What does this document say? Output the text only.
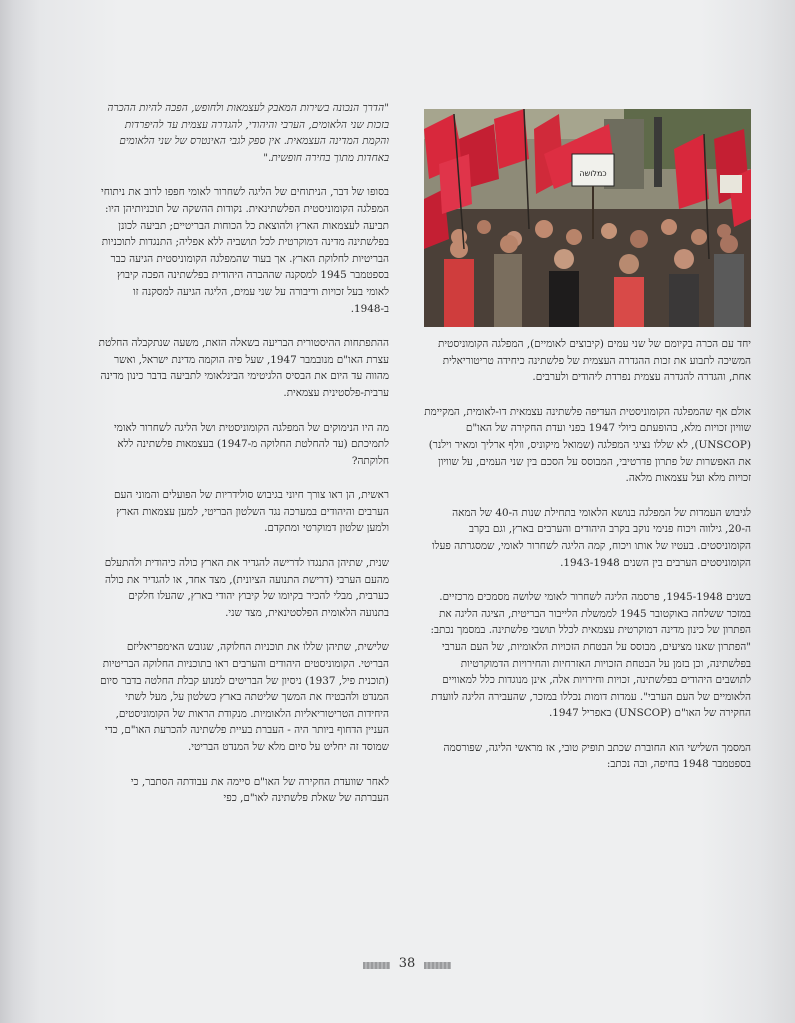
"הדרך הנכונה בשירות המאבק לעצמאות ולחופש, הפכה להיות ההכרה בזכות שני הלאומים, הערבי והיהודי, להגדרה עצמית עד להיפרדות והקמת המדינה העצמאית. אין ספק לגבי האינטרס של שני הלאומים באחדות מתוך בחירה חופשית."

בסופו של דבר, הניתוחים של הליגה לשחרור לאומי חפפו לרוב את ניתוחי המפלגה הקומוניסטית הפלשתינאית. נקודות ההשקה של תוכניותיהן היו: תביעה לעצמאות הארץ ולהוצאת כל הכוחות הבריטיים; תביעה לכונן בפלשתינה מדינה דמוקרטית לכל תושביה ללא אפליה; התנגדות לתוכניות הבריטיות לחלוקת הארץ. אך בעוד שהמפלגה הקומוניסטית הגיעה כבר בספטמבר 1945 למסקנה שההברה היהודית בפלשתינה הפכה קיבוץ לאומי בעל זכויות ודיבורה על שני עמים, הליגה הגיעה למסקנה זו ב-1948.

ההתפתחות ההיסטורית הבריעה בשאלה הזאת, משעה שנתקבלה החלטת עצרת האו"ם מנובמבר 1947, שעל פיה הוקמה מדינת ישראל, ואשר מהווה עד היום את הבסיס הלגיטימי הבינלאומי לתביעה בדבר כינון מדינה ערבית-פלסטינית עצמאית.

מה היו הנימוקים של המפלגה הקומוניסטית ושל הליגה לשחרור לאומי לתמיכתם (עד להחלטת החלוקה מ-1947) בעצמאות פלשתינה ללא חלוקתה?

ראשית, הן ראו צורך חיוני בגיבוש סולידריות של הפועלים והמוני העם הערבים והיהודים במערכה נגד השלטון הבריטי, למען עצמאות הארץ ולמען שלטון דמוקרטי ומתקדם.

שנית, שתיהן התנגדו לדרישה להגדיר את הארץ כולה כיהודית ולהתעלם מהעם הערבי (דרישת התנועה הציונית), מצד אחד, או להגדיר את כולה כערבית, מבלי להכיר בקיומו של קיבוץ יהודי בארץ, שהעלו חלקים בתנועה הלאומית הפלסטינאית, מצד שני.

שלישית, שתיהן שללו את תוכניות החלוקה, שגובש האימפריאליזם הבריטי. הקומוניסטים היהודים והערבים ראו בתוכניות החלוקה הבריטיות (תוכנית פיל, 1937) ניסיון של הבריטים למנוע קבלת החלטה בדבר סיום המנדט ולהבטיח את המשך שליטתה בארץ כשלטון על, מעל לשתי היחידות הטריטוריאליות הלאומיות. מנקודת הראות של הקומוניסטים, העניין הדחוף ביותר היה - העברת בעיית פלשתינה להכרעת האו"ם, כדי שמוסד זה יחליט על סיום מלא של המנדט הבריטי.

לאחר שוועדת החקירה של האו"ם סיימה את עבודתה הסתבר, כי העברתה של שאלת פלשתינה לאו"ם, כפי

כמלושה

יחד עם הכרה בקיומם של שני עמים (קיבוצים לאומיים), המפלגה הקומוניסטית המשיכה לתבוע את זכות ההגדרה העצמית של פלשתינה כיחידה טריטוריאלית אחת, והגדרה להגדרה עצמית נפרדת ליהודים ולערבים.

אולם אף שהמפלגה הקומוניסטית העדיפה פלשתינה עצמאית דו-לאומית, המקיימת שוויון זכויות מלא, בהופעתם ביולי 1947 בפני ועדת החקירה של האו"ם (UNSCOP), לא שללו נציגי המפלגה (שמואל מיקוניס, וולף ארליך ומאיר וילנר) את האפשרות של פתרון פדרטיבי, המבוסס על הסכם בין שני העמים, על שוויון זכויות מלא ועל עצמאות מלאה.

לגיבוש העמדות של המפלגה בנושא הלאומי בתחילת שנות ה-40 של המאה ה-20, גילווה ויכוח פנימי נוקב בקרב היהודים והערבים בארץ, וגם בקרב הקומוניסטים. בעטיו של אותו ויכוח, קמה הליגה לשחרור לאומי, שמסגרתה פעלו הקומוניסטים הערבים בין השנים 1943-1948.

בשנים 1945-1948, פרסמה הליגה לשחרור לאומי שלושה מסמכים מרכזיים. במזכר ששלחה באוקטובר 1945 לממשלת הלייבור הבריטית, הציגה הליגה את הפתרון של כינון מדינה דמוקרטית עצמאית לכלל תושבי פלשתינה. במסמך נכתב: "הפתרון שאנו מציעים, מבוסס על הבטחת הזכויות הלאומיות, של העם הערבי בפלשתינה, וכן בזמן על הבטחת הזכויות האזרחיות והחירויות הדמוקרטיות לתושבים היהודים בפלשתינה, זכויות וחירויות אלה, אינן מנוגדות כלל למאוויים הלאומיים של העם הערבי". עמדות דומות נכללו במזכר, שהעבירה הליגה לוועדת החקירה של האו"ם (UNSCOP) באפריל 1947.

המסמך השלישי הוא החוברת שכתב תופיק טובי, אז מראשי הליגה, שפורסמה בספטמבר 1948 בחיפה, ובה נכתב:

38
